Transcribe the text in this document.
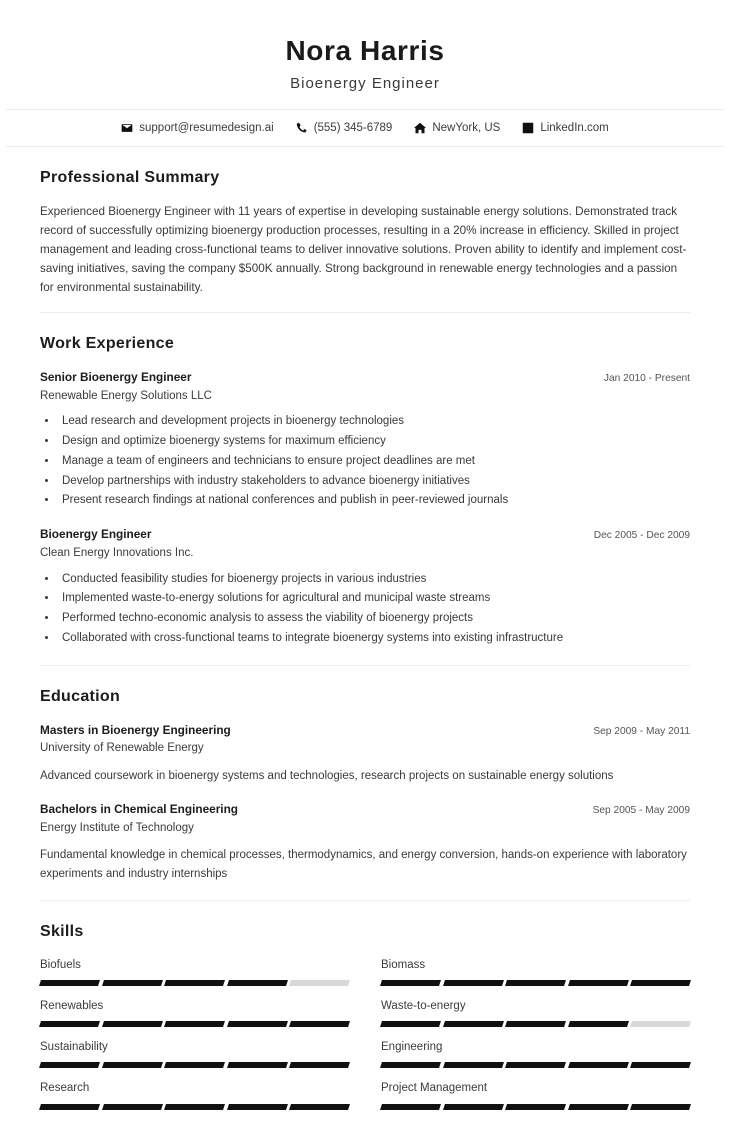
Nora Harris
Bioenergy Engineer
support@resumedesign.ai	(555) 345-6789	NewYork, US	LinkedIn.com
Professional Summary
Experienced Bioenergy Engineer with 11 years of expertise in developing sustainable energy solutions. Demonstrated track record of successfully optimizing bioenergy production processes, resulting in a 20% increase in efficiency. Skilled in project management and leading cross-functional teams to deliver innovative solutions. Proven ability to identify and implement cost-saving initiatives, saving the company $500K annually. Strong background in renewable energy technologies and a passion for environmental sustainability.
Work Experience
Senior Bioenergy Engineer	Jan 2010 - Present
Renewable Energy Solutions LLC
• Lead research and development projects in bioenergy technologies
• Design and optimize bioenergy systems for maximum efficiency
• Manage a team of engineers and technicians to ensure project deadlines are met
• Develop partnerships with industry stakeholders to advance bioenergy initiatives
• Present research findings at national conferences and publish in peer-reviewed journals
Bioenergy Engineer	Dec 2005 - Dec 2009
Clean Energy Innovations Inc.
• Conducted feasibility studies for bioenergy projects in various industries
• Implemented waste-to-energy solutions for agricultural and municipal waste streams
• Performed techno-economic analysis to assess the viability of bioenergy projects
• Collaborated with cross-functional teams to integrate bioenergy systems into existing infrastructure
Education
Masters in Bioenergy Engineering	Sep 2009 - May 2011
University of Renewable Energy
Advanced coursework in bioenergy systems and technologies, research projects on sustainable energy solutions
Bachelors in Chemical Engineering	Sep 2005 - May 2009
Energy Institute of Technology
Fundamental knowledge in chemical processes, thermodynamics, and energy conversion, hands-on experience with laboratory experiments and industry internships
Skills
Biofuels	Biomass
Renewables	Waste-to-energy
Sustainability	Engineering
Research	Project Management
